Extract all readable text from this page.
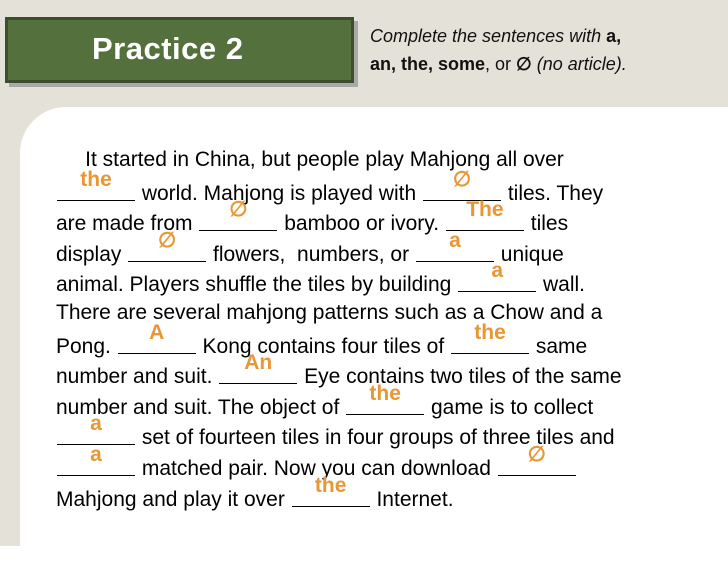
Practice 2	Complete the sentences with a,
an, the, some, or ∅ (no article).
It started in China, but people play Mahjong all over
the
world. Mahjong is played with
∅
tiles. They
are made from
∅
bamboo or ivory.
The
tiles
display
∅
flowers,  numbers, or
a
unique
animal. Players shuffle the tiles by building
a
wall.
There are several mahjong patterns such as a Chow and a
Pong.
A
Kong contains four tiles of
the
same
number and suit.
An
Eye contains two tiles of the same
number and suit. The object of
the
game is to collect
a
set of fourteen tiles in four groups of three tiles and
a
matched pair. Now you can download
∅
Mahjong and play it over
the
Internet.
